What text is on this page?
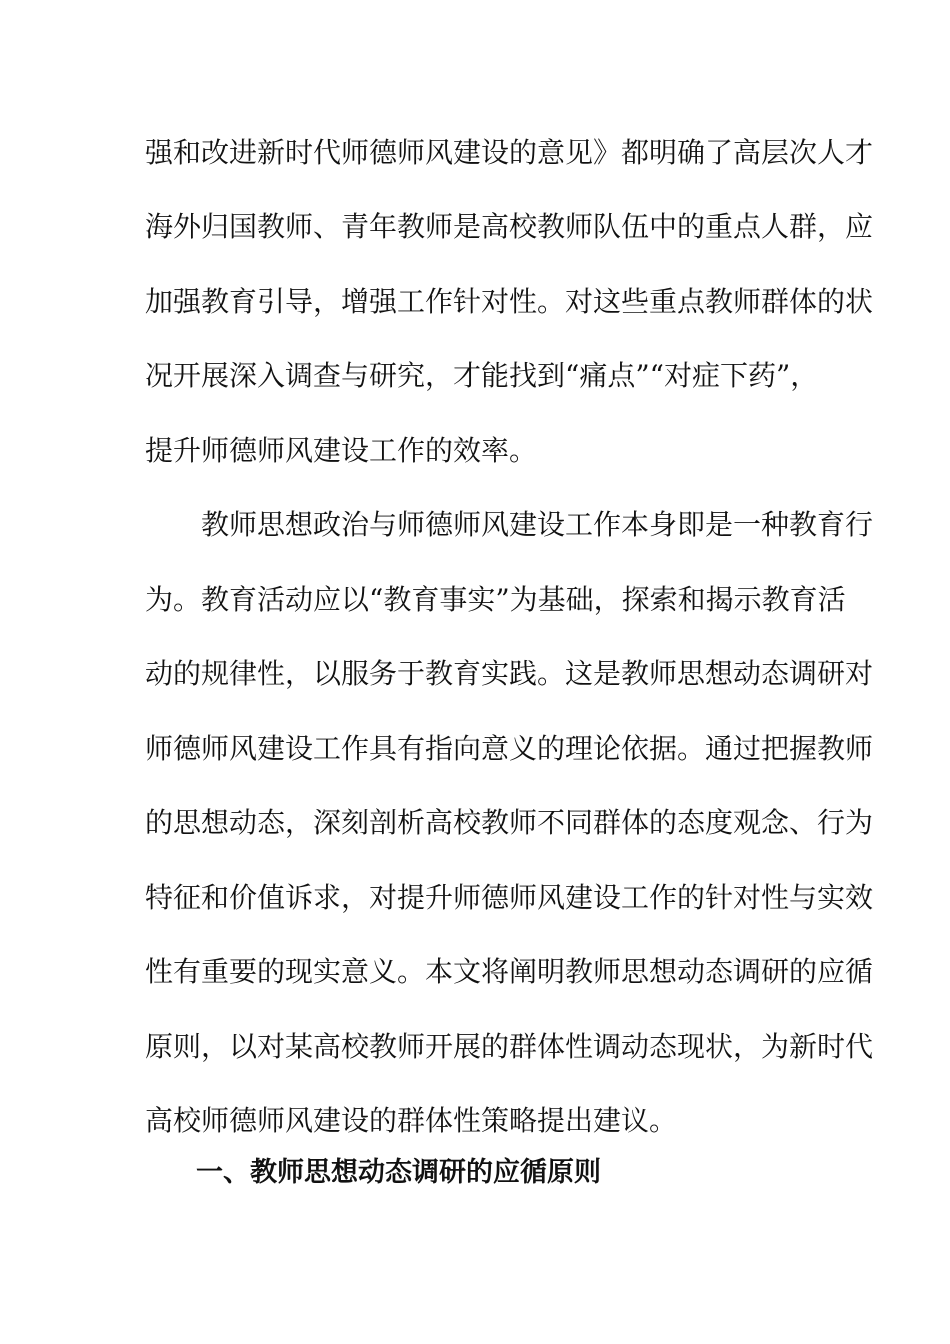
强和改进新时代师德师风建设的意见》都明确了高层次人才
海外归国教师、青年教师是高校教师队伍中的重点人群，应
加强教育引导，增强工作针对性。对这些重点教师群体的状
况开展深入调查与研究，才能找到“痛点”“对症下药”，
提升师德师风建设工作的效率。
教师思想政治与师德师风建设工作本身即是一种教育行
为。教育活动应以“教育事实”为基础，探索和揭示教育活
动的规律性，以服务于教育实践。这是教师思想动态调研对
师德师风建设工作具有指向意义的理论依据。通过把握教师
的思想动态，深刻剖析高校教师不同群体的态度观念、行为
特征和价值诉求，对提升师德师风建设工作的针对性与实效
性有重要的现实意义。本文将阐明教师思想动态调研的应循
原则，以对某高校教师开展的群体性调动态现状，为新时代
高校师德师风建设的群体性策略提出建议。
一、教师思想动态调研的应循原则
